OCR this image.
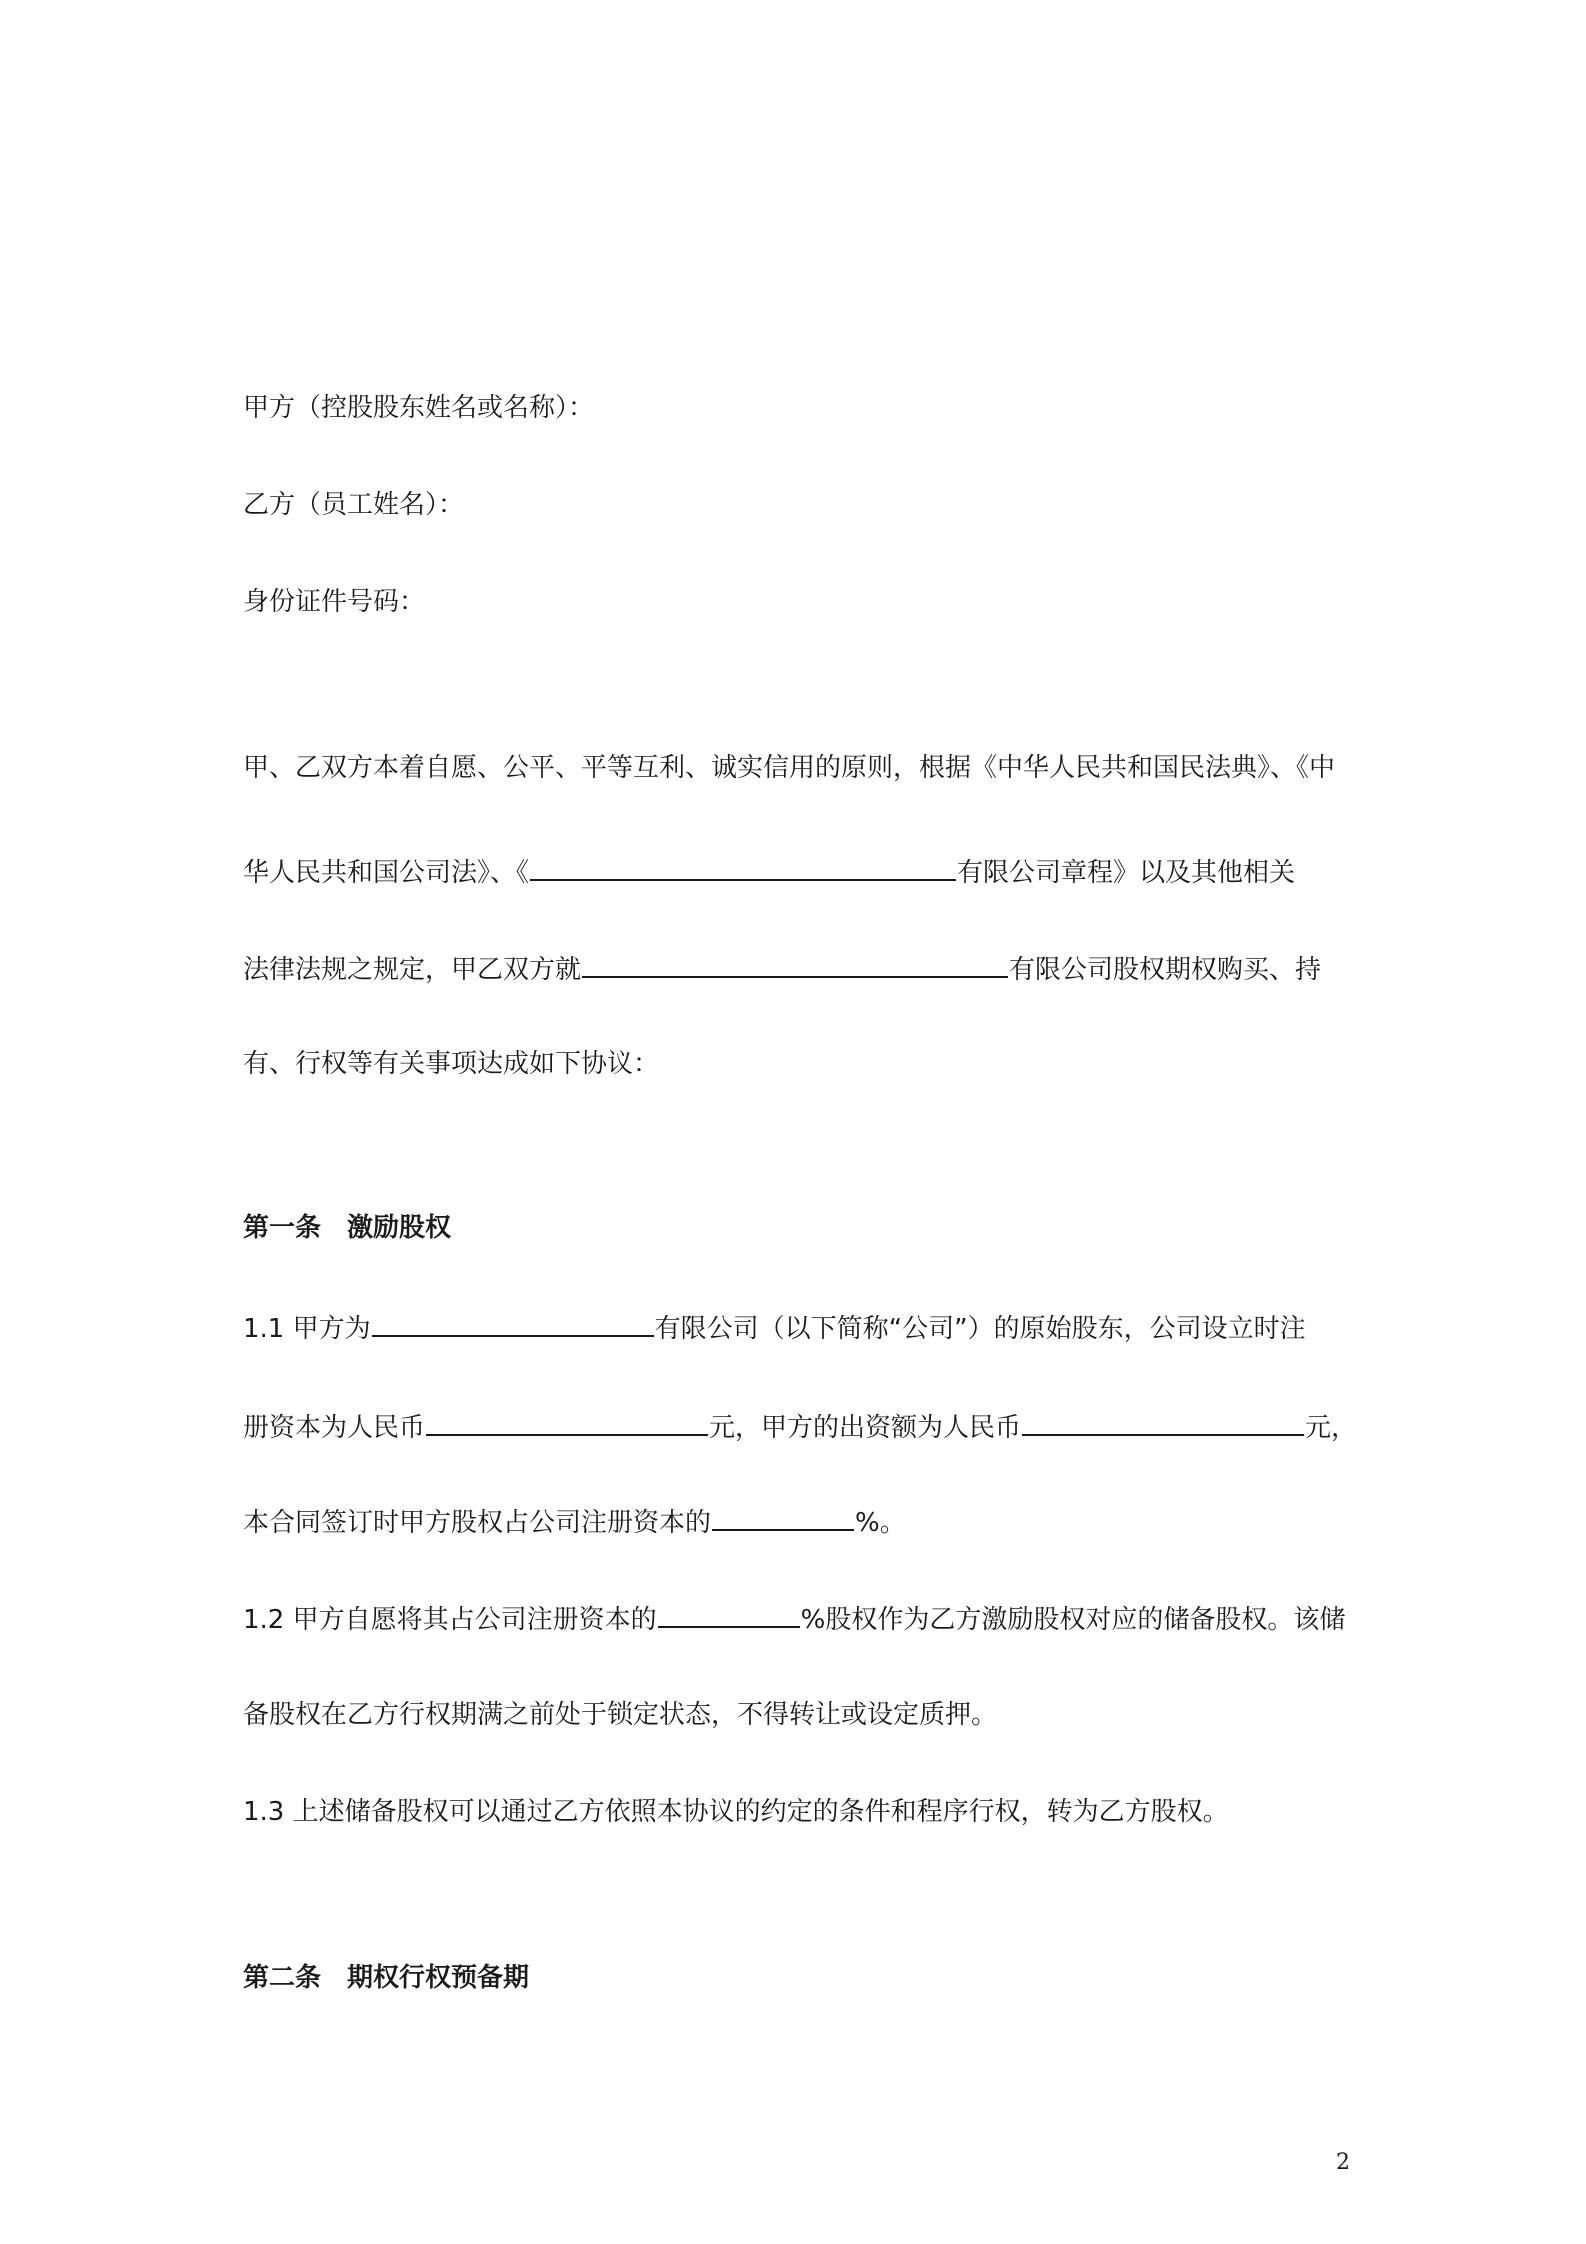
甲方（控股股东姓名或名称）：
乙方（员工姓名）：
身份证件号码：
甲、乙双方本着自愿、公平、平等互利、诚实信用的原则，根据《中华人民共和国民法典》、《中
华人民共和国公司法》、《	有限公司章程》以及其他相关
法律法规之规定，甲乙双方就	有限公司股权期权购买、持
有、行权等有关事项达成如下协议：
第一条 激励股权
1.1 甲方为	有限公司（以下简称“公司”）的原始股东，公司设立时注
册资本为人民币	元，甲方的出资额为人民币	元，
本合同签订时甲方股权占公司注册资本的	%。
1.2 甲方自愿将其占公司注册资本的	%股权作为乙方激励股权对应的储备股权。该储
备股权在乙方行权期满之前处于锁定状态，不得转让或设定质押。
1.3 上述储备股权可以通过乙方依照本协议的约定的条件和程序行权，转为乙方股权。
第二条 期权行权预备期
2
